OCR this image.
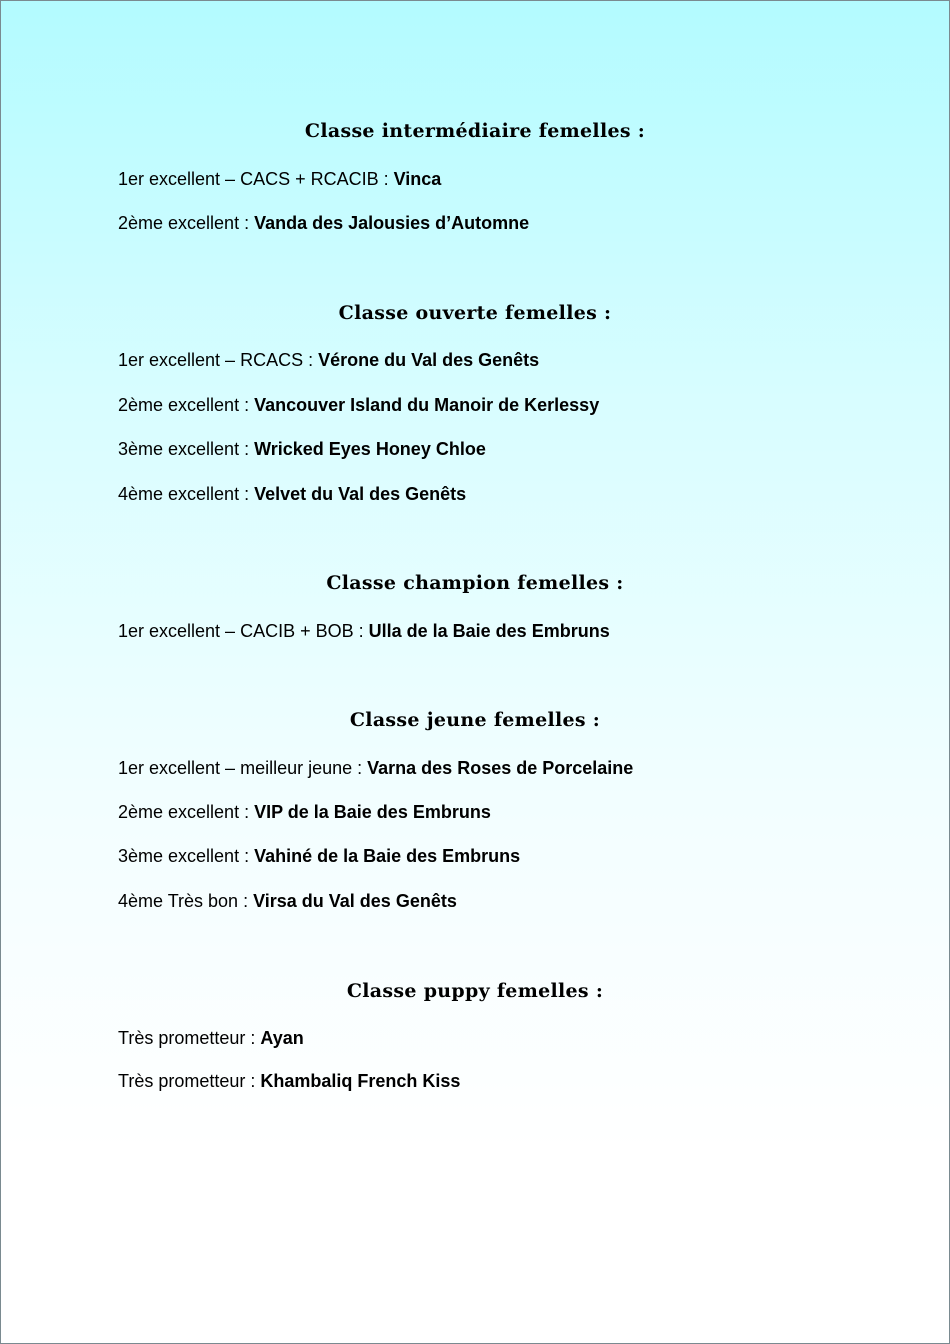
Classe intermédiaire femelles :
1er excellent – CACS + RCACIB : Vinca
2ème excellent : Vanda des Jalousies d’Automne
Classe ouverte femelles :
1er excellent – RCACS : Vérone du Val des Genêts
2ème excellent : Vancouver Island du Manoir de Kerlessy
3ème excellent : Wricked Eyes Honey Chloe
4ème excellent : Velvet du Val des Genêts
Classe champion femelles :
1er excellent – CACIB + BOB : Ulla de la Baie des Embruns
Classe jeune femelles :
1er excellent – meilleur jeune : Varna des Roses de Porcelaine
2ème excellent : VIP de la Baie des Embruns
3ème excellent : Vahiné de la Baie des Embruns
4ème Très bon : Virsa du Val des Genêts
Classe puppy femelles :
Très prometteur : Ayan
Très prometteur : Khambaliq French Kiss
